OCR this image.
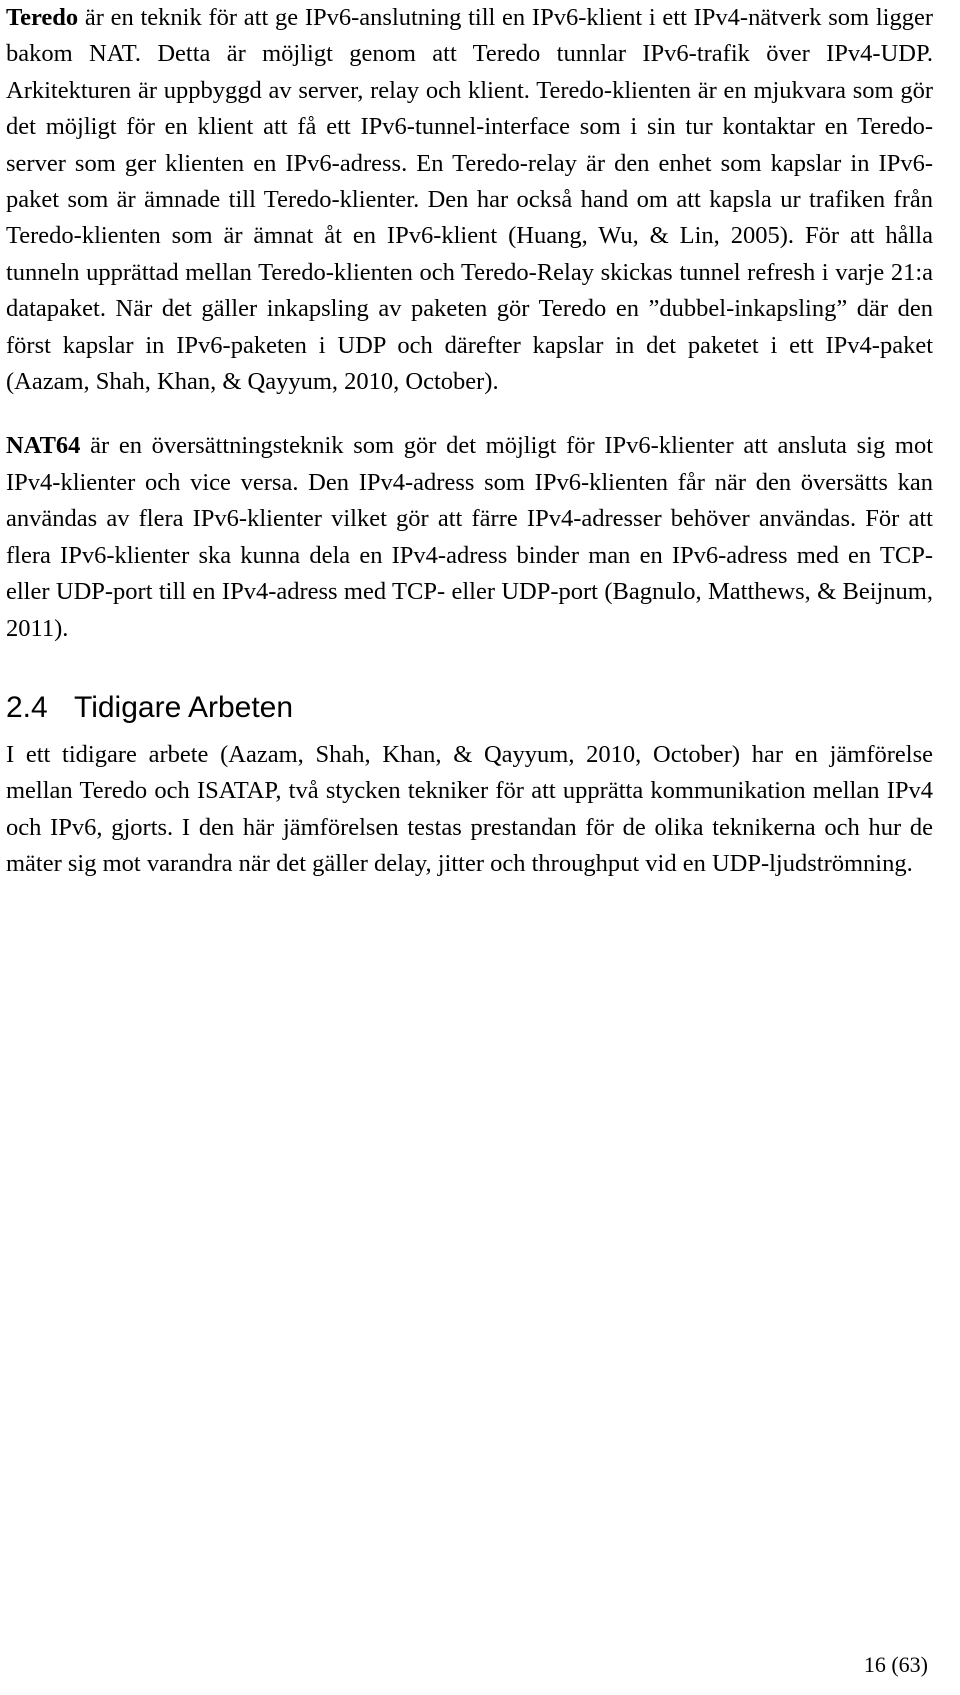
Teredo är en teknik för att ge IPv6-anslutning till en IPv6-klient i ett IPv4-nätverk som ligger bakom NAT. Detta är möjligt genom att Teredo tunnlar IPv6-trafik över IPv4-UDP. Arkitekturen är uppbyggd av server, relay och klient. Teredo-klienten är en mjukvara som gör det möjligt för en klient att få ett IPv6-tunnel-interface som i sin tur kontaktar en Teredo-server som ger klienten en IPv6-adress. En Teredo-relay är den enhet som kapslar in IPv6-paket som är ämnade till Teredo-klienter. Den har också hand om att kapsla ur trafiken från Teredo-klienten som är ämnat åt en IPv6-klient (Huang, Wu, & Lin, 2005). För att hålla tunneln upprättad mellan Teredo-klienten och Teredo-Relay skickas tunnel refresh i varje 21:a datapaket. När det gäller inkapsling av paketen gör Teredo en ”dubbel-inkapsling” där den först kapslar in IPv6-paketen i UDP och därefter kapslar in det paketet i ett IPv4-paket (Aazam, Shah, Khan, & Qayyum, 2010, October).

NAT64 är en översättningsteknik som gör det möjligt för IPv6-klienter att ansluta sig mot IPv4-klienter och vice versa. Den IPv4-adress som IPv6-klienten får när den översätts kan användas av flera IPv6-klienter vilket gör att färre IPv4-adresser behöver användas. För att flera IPv6-klienter ska kunna dela en IPv4-adress binder man en IPv6-adress med en TCP- eller UDP-port till en IPv4-adress med TCP- eller UDP-port (Bagnulo, Matthews, & Beijnum, 2011).

2.4 Tidigare Arbeten

I ett tidigare arbete (Aazam, Shah, Khan, & Qayyum, 2010, October) har en jämförelse mellan Teredo och ISATAP, två stycken tekniker för att upprätta kommunikation mellan IPv4 och IPv6, gjorts. I den här jämförelsen testas prestandan för de olika teknikerna och hur de mäter sig mot varandra när det gäller delay, jitter och throughput vid en UDP-ljudströmning.

16 (63)
